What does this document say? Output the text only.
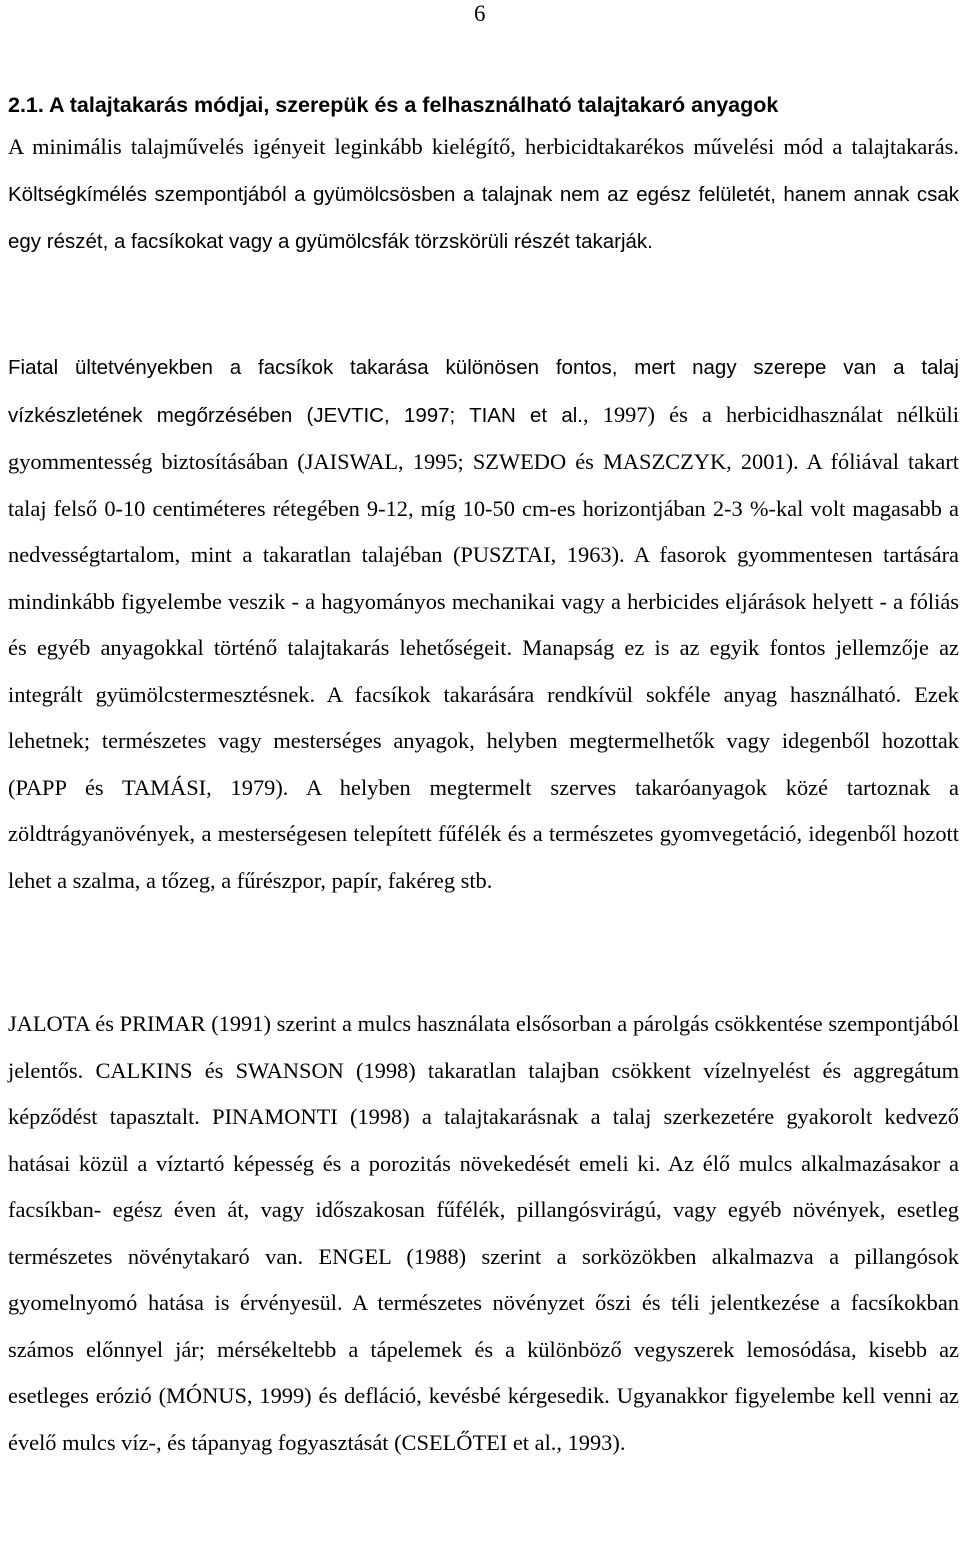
6
2.1. A talajtakarás módjai, szerepük és a felhasználható talajtakaró anyagok

A minimális talajművelés igényeit leginkább kielégítő, herbicidtakarékos művelési mód a talajtakarás. Költségkímélés szempontjából a gyümölcsösben a talajnak nem az egész felületét, hanem annak csak egy részét, a facsíkokat vagy a gyümölcsfák törzskörüli részét takarják.

Fiatal ültetvényekben a facsíkok takarása különösen fontos, mert nagy szerepe van a talaj vízkészletének megőrzésében (JEVTIC, 1997; TIAN et al., 1997) és a herbicidhasználat nélküli gyommentesség biztosításában (JAISWAL, 1995; SZWEDO és MASZCZYK, 2001). A fóliával takart talaj felső 0-10 centiméteres rétegében 9-12, míg 10-50 cm-es horizontjában 2-3 %-kal volt magasabb a nedvességtartalom, mint a takaratlan talajéban (PUSZTAI, 1963). A fasorok gyommentesen tartására mindinkább figyelembe veszik - a hagyományos mechanikai vagy a herbicides eljárások helyett - a fóliás és egyéb anyagokkal történő talajtakarás lehetőségeit. Manapság ez is az egyik fontos jellemzője az integrált gyümölcstermesztésnek. A facsíkok takarására rendkívül sokféle anyag használható. Ezek lehetnek; természetes vagy mesterséges anyagok, helyben megtermelhetők vagy idegenből hozottak (PAPP és TAMÁSI, 1979). A helyben megtermelt szerves takaróanyagok közé tartoznak a zöldtrágyanövények, a mesterségesen telepített fűfélék és a természetes gyomvegetáció, idegenből hozott lehet a szalma, a tőzeg, a fűrészpor, papír, fakéreg stb.

JALOTA és PRIMAR (1991) szerint a mulcs használata elsősorban a párolgás csökkentése szempontjából jelentős. CALKINS és SWANSON (1998) takaratlan talajban csökkent vízelnyelést és aggregátum képződést tapasztalt. PINAMONTI (1998) a talajtakarásnak a talaj szerkezetére gyakorolt kedvező hatásai közül a víztartó képesség és a porozitás növekedését emeli ki. Az élő mulcs alkalmazásakor a facsíkban- egész éven át, vagy időszakosan fűfélék, pillangósvirágú, vagy egyéb növények, esetleg természetes növénytakaró van. ENGEL (1988) szerint a sorközökben alkalmazva a pillangósok gyomelnyomó hatása is érvényesül. A természetes növényzet őszi és téli jelentkezése a facsíkokban számos előnnyel jár; mérsékeltebb a tápelemek és a különböző vegyszerek lemosódása, kisebb az esetleges erózió (MÓNUS, 1999) és defláció, kevésbé kérgesedik. Ugyanakkor figyelembe kell venni az évelő mulcs víz-, és tápanyag fogyasztását (CSELŐTEI et al., 1993).
